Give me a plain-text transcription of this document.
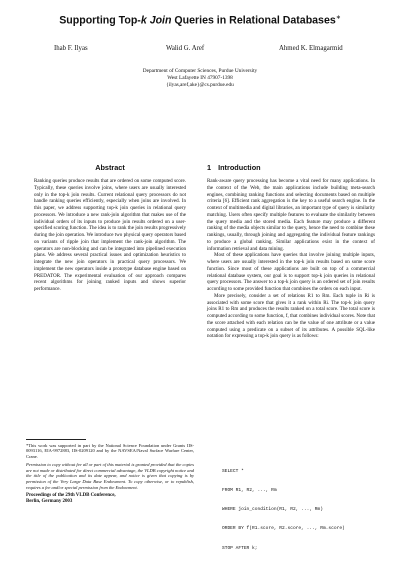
Supporting Top-k Join Queries in Relational Databases∗
Ihab F. Ilyas	Walid G. Aref	Ahmed K. Elmagarmid
Department of Computer Sciences, Purdue University
West Lafayette IN 47907-1398
{ilyas,aref,ake}@cs.purdue.edu
Abstract

Ranking queries produce results that are ordered on some computed score. Typically, these queries involve joins, where users are usually interested only in the top-k join results. Current relational query processors do not handle ranking queries efficiently, especially when joins are involved. In this paper, we address supporting top-k join queries in relational query processors. We introduce a new rank-join algorithm that makes use of the individual orders of its inputs to produce join results ordered on a user-specified scoring function. The idea is to rank the join results progressively during the join operation. We introduce two physical query operators based on variants of ripple join that implement the rank-join algorithm. The operators are non-blocking and can be integrated into pipelined execution plans. We address several practical issues and optimization heuristics to integrate the new join operators in practical query processors. We implement the new operators inside a prototype database engine based on PREDATOR. The experimental evaluation of our approach compares recent algorithms for joining ranked inputs and shows superior performance.

*This work was supported in part by the National Science Foundation under Grants IIS-0093116, EIA-9972883, IIS-0209120 and by the NAVSEA/Naval Surface Warfare Center, Crane.
Permission to copy without fee all or part of this material is granted provided that the copies are not made or distributed for direct commercial advantage, the VLDB copyright notice and the title of the publication and its date appear, and notice is given that copying is by permission of the Very Large Data Base Endowment. To copy otherwise, or to republish, requires a fee and/or special permission from the Endowment.
Proceedings of the 29th VLDB Conference,
Berlin, Germany 2003
1 Introduction

Rank-aware query processing has become a vital need for many applications. In the context of the Web, the main applications include building meta-search engines, combining ranking functions and selecting documents based on multiple criteria [6]. Efficient rank aggregation is the key to a useful search engine. In the context of multimedia and digital libraries, an important type of query is similarity matching. Users often specify multiple features to evaluate the similarity between the query media and the stored media. Each feature may produce a different ranking of the media objects similar to the query, hence the need to combine these rankings, usually, through joining and aggregating the individual feature rankings to produce a global ranking. Similar applications exist in the context of information retrieval and data mining.

Most of these applications have queries that involve joining multiple inputs, where users are usually interested in the top-k join results based on some score function. Since most of these applications are built on top of a commercial relational database system, our goal is to support top-k join queries in relational query processors. The answer to a top-k join query is an ordered set of join results according to some provided function that combines the orders on each input.

More precisely, consider a set of relations R1 to Rm. Each tuple in Ri is associated with some score that gives it a rank within Ri. The top-k join query joins R1 to Rm and produces the results ranked on a total score. The total score is computed according to some function, f, that combines individual scores. Note that the score attached with each relation can be the value of one attribute or a value computed using a predicate on a subset of its attributes. A possible SQL-like notation for expressing a top-k join query is as follows:

SELECT *

FROM R1, R2, ..., Rm

WHERE join_condition(R1, R2, ..., Rm)

ORDER BY f(R1.score, R2.score, ..., Rm.score)

STOP AFTER k;
